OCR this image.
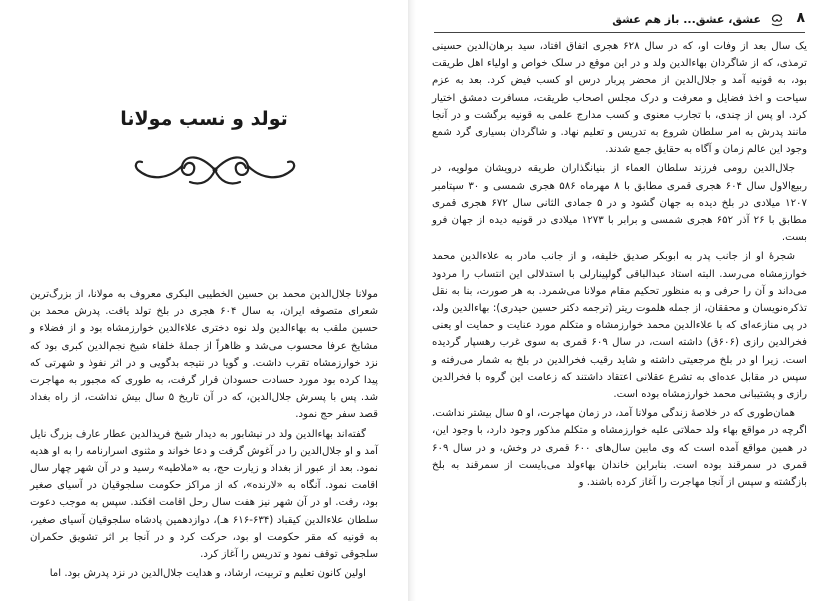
تولد و نسب مولانا

مولانا جلال‌الدین محمد بن حسین الخطیبی البکری معروف به مولانا، از بزرگ‌ترین شعرای متصوفه ایران، به سال ۶۰۴ هجری در بلخ تولد یافت. پدرش محمد بن حسین ملقب به بهاءالدین ولد نوه دختری علاءالدین خوارزمشاه بود و از فضلاء و مشایخ عرفا محسوب می‌شد و ظاهراً از جملهٔ خلفاء شیخ نجم‌الدین کبری بود که نزد خوارزمشاه تقرب داشت. و گویا در نتیجه بدگویی و در اثر نفوذ و شهرتی که پیدا کرده بود مورد حسادت حسودان قرار گرفت، به طوری که مجبور به مهاجرت شد. پس با پسرش جلال‌الدین، که در آن تاریخ ۵ سال بیش نداشت، از راه بغداد قصد سفر حج نمود.

گفته‌اند بهاءالدین ولد در نیشابور به دیدار شیخ فریدالدین عطار عارف بزرگ نایل آمد و او جلال‌الدین را در آغوش گرفت و دعا خواند و مثنوی اسرارنامه را به او هدیه نمود. بعد از عبور از بغداد و زیارت حج، به «ملاطیه» رسید و در آن شهر چهار سال اقامت نمود. آنگاه به «لارنده»، که از مراکز حکومت سلجوقیان در آسیای صغیر بود، رفت. او در آن شهر نیز هفت سال رحل اقامت افکند. سپس به موجب دعوت سلطان علاءالدین کیقباد (۶۳۴-۶۱۶ هـ)، دوازدهمین پادشاه سلجوقیان آسیای صغیر، به قونیه که مقر حکومت او بود، حرکت کرد و در آنجا بر اثر تشویق حکمران سلجوقی توقف نمود و تدریس را آغاز کرد.

اولین کانون تعلیم و تربیت، ارشاد، و هدایت جلال‌الدین در نزد پدرش بود. اما

۸
عشق، عشق... باز هم عشق

یک سال بعد از وفات او، که در سال ۶۲۸ هجری اتفاق افتاد، سید برهان‌الدین حسینی ترمذی، که از شاگردان بهاءالدین ولد و در این موقع در سلک خواص و اولیاء اهل طریقت بود، به قونیه آمد و جلال‌الدین از محضر پربار درس او کسب فیض کرد. بعد به عزم سیاحت و اخذ فضایل و معرفت و درک مجلس اصحاب طریقت، مسافرت دمشق اختیار کرد. او پس از چندی، با تجارب معنوی و کسب مدارج علمی به قونیه برگشت و در آنجا مانند پدرش به امر سلطان شروع به تدریس و تعلیم نهاد. و شاگردان بسیاری گرد شمع وجود این عالم زمان و آگاه به حقایق جمع شدند.

جلال‌الدین رومی فرزند سلطان العماء از بنیانگذاران طریقه درویشان مولویه، در ربیع‌الاول سال ۶۰۴ هجری قمری مطابق با ۸ مهرماه ۵۸۶ هجری شمسی و ۳۰ سپتامبر ۱۲۰۷ میلادی در بلخ دیده به جهان گشود و در ۵ جمادی الثانی سال ۶۷۲ هجری قمری مطابق با ۲۶ آذر ۶۵۲ هجری شمسی و برابر با ۱۲۷۳ میلادی در قونیه دیده از جهان فرو بست.

شجرهٔ او از جانب پدر به ابوبکر صدیق خلیفه، و از جانب مادر به علاءالدین محمد خوارزمشاه می‌رسد. البته استاد عبدالباقی گولپینارلی با استدلالی این انتساب را مردود می‌داند و آن را حرفی و به منظور تحکیم مقام مولانا می‌شمرد. به هر صورت، بنا به نقل تذکره‌نویسان و محققان، از جمله هلموت ریتر (ترجمه دکتر حسین حیدری): بهاءالدین ولد، در پی منازعه‌ای که با علاءالدین محمد خوارزمشاه و متکلم مورد عنایت و حمایت او یعنی فخرالدین رازی (۶۰۶ق) داشته است، در سال ۶۰۹ قمری به سوی غرب رهسپار گردیده است. زیرا او در بلخ مرجعیتی داشته و شاید رقیب فخرالدین در بلخ به شمار می‌رفته و سپس در مقابل عده‌ای به تشرع عقلانی اعتقاد داشتند که زعامت این گروه با فخرالدین رازی و پشتیبانی محمد خوارزمشاه بوده است.

همان‌طوری که در خلاصهٔ زندگی مولانا آمد، در زمان مهاجرت، او ۵ سال بیشتر نداشت. اگرچه در مواقع بهاء ولد حملاتی علیه خوارزمشاه و متکلم مذکور وجود دارد، با وجود این، در همین مواقع آمده است که وی مابین سال‌های ۶۰۰ قمری در وخش، و در سال ۶۰۹ قمری در سمرقند بوده است. بنابراین خاندان بهاءولد می‌بایست از سمرقند به بلخ بازگشته و سپس از آنجا مهاجرت را آغاز کرده باشند. و
